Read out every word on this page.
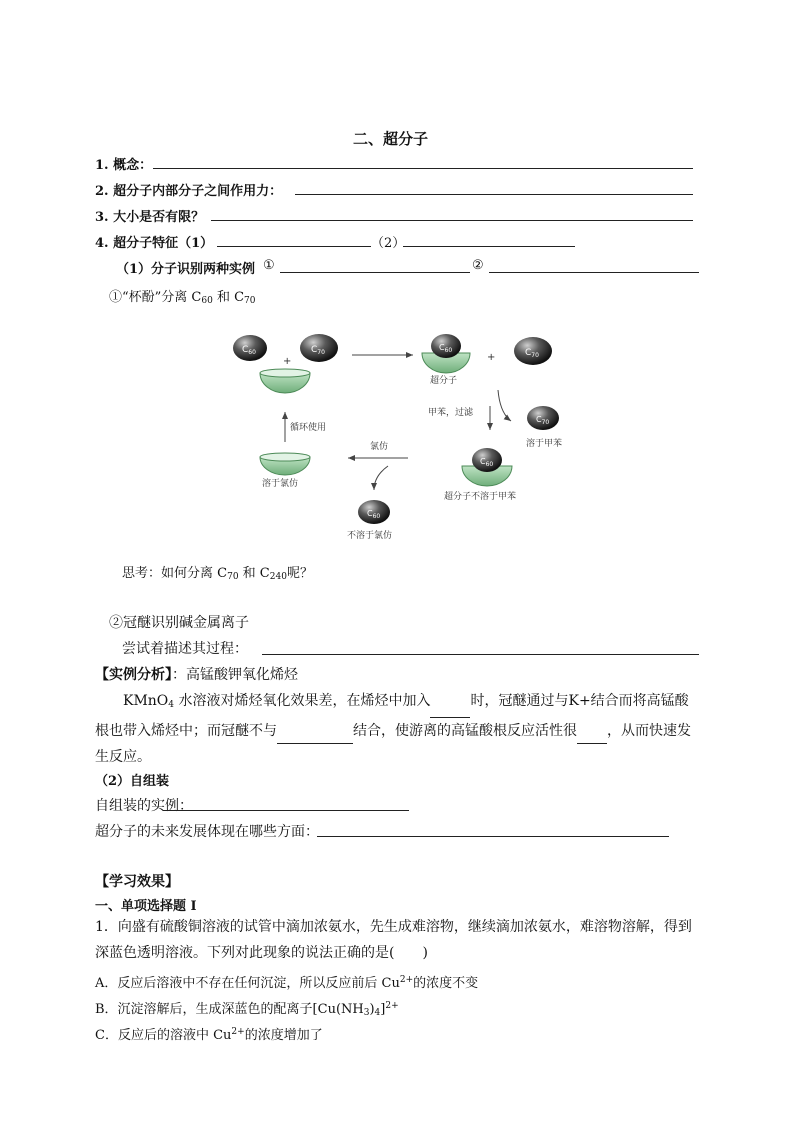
二、超分子
1. 概念：
2. 超分子内部分子之间作用力：
3. 大小是否有限？
4. 超分子特征（1）	（2）
（1）分子识别两种实例 ①	②
①“杯酚”分离 $C_{60}$ 和 $C_{70}$
$C_{60}$
+
$C_{70}$
$C_{60}$
超分子
+	$C_{70}$
甲苯，过滤
$C_{70}$
溶于甲苯
$C_{60}$
超分子不溶于甲苯
氯仿
$C_{60}$
不溶于氯仿
溶于氯仿
循环使用
思考：如何分离 $C_{70}$ 和 $C_{240}$呢？
②冠醚识别碱金属离子
尝试着描述其过程：
【实例分析】：高锰酸钾氧化烯烃
KMnO$_4$ 水溶液对烯烃氧化效果差，在烯烃中加入	时，冠醚通过与K+结合而将高锰酸根也带入烯烃中；而冠醚不与	结合，使游离的高锰酸根反应活性很 ，从而快速发生反应。
（2）自组装
自组装的实例：
超分子的未来发展体现在哪些方面：
【学习效果】
一、单项选择题 I
1．向盛有硫酸铜溶液的试管中滴加浓氨水，先生成难溶物，继续滴加浓氨水，难溶物溶解，得到深蓝色透明溶液。下列对此现象的说法正确的是(　　)
A．反应后溶液中不存在任何沉淀，所以反应前后 $Cu^{2+}$的浓度不变
B．沉淀溶解后，生成深蓝色的配离子$[Cu(NH_3)_4]^{2+}$
C．反应后的溶液中 $Cu^{2+}$的浓度增加了
